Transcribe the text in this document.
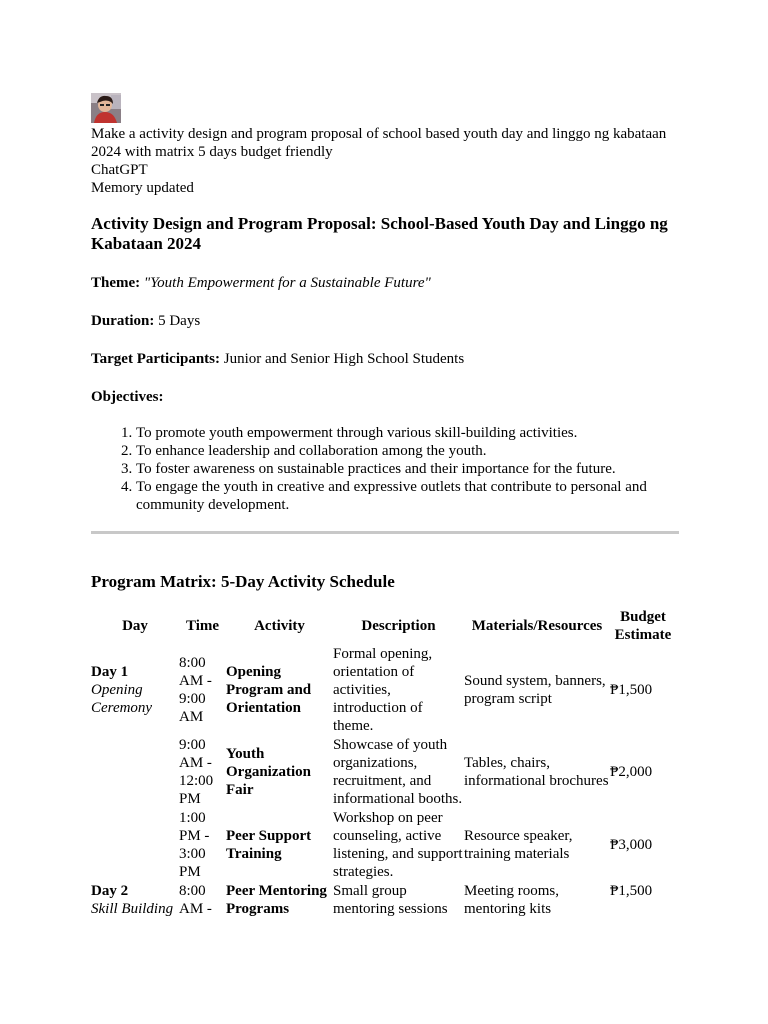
Make a activity design and program proposal of school based youth day and linggo ng kabataan 2024 with matrix 5 days budget friendly
ChatGPT
Memory updated
Activity Design and Program Proposal: School-Based Youth Day and Linggo ng Kabataan 2024

Theme: "Youth Empowerment for a Sustainable Future"

Duration: 5 Days

Target Participants: Junior and Senior High School Students

Objectives:

1. To promote youth empowerment through various skill-building activities.
2. To enhance leadership and collaboration among the youth.
3. To foster awareness on sustainable practices and their importance for the future.
4. To engage the youth in creative and expressive outlets that contribute to personal and community development.
Program Matrix: 5-Day Activity Schedule
Day	Time	Activity	Description	Materials/Resources	Budget Estimate
Day 1
Opening Ceremony	8:00 AM - 9:00 AM	Opening Program and Orientation	Formal opening, orientation of activities, introduction of theme.	Sound system, banners, program script	₱1,500
	9:00 AM - 12:00 PM	Youth Organization Fair	Showcase of youth organizations, recruitment, and informational booths.	Tables, chairs, informational brochures	₱2,000
	1:00 PM - 3:00 PM	Peer Support Training	Workshop on peer counseling, active listening, and support strategies.	Resource speaker, training materials	₱3,000
Day 2
Skill Building	8:00 AM -	Peer Mentoring Programs	Small group mentoring sessions	Meeting rooms, mentoring kits	₱1,500
